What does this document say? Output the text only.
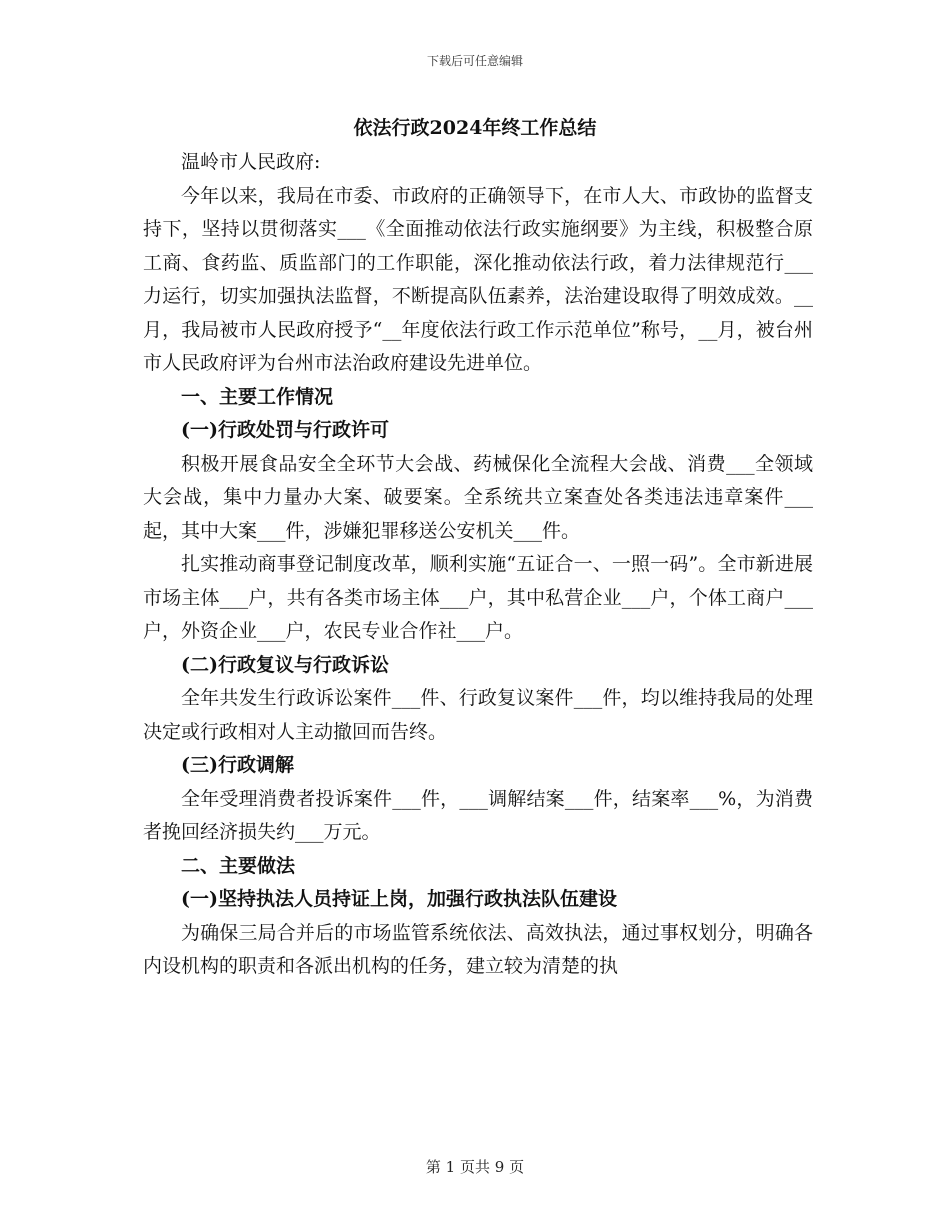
下载后可任意编辑
依法行政2024年终工作总结

温岭市人民政府:

今年以来，我局在市委、市政府的正确领导下，在市人大、市政协的监督支持下，坚持以贯彻落实___《全面推动依法行政实施纲要》为主线，积极整合原工商、食药监、质监部门的工作职能，深化推动依法行政，着力法律规范行___力运行，切实加强执法监督，不断提高队伍素养，法治建设取得了明效成效。__月，我局被市人民政府授予“__年度依法行政工作示范单位”称号，__月，被台州市人民政府评为台州市法治政府建设先进单位。

一、主要工作情况

(一)行政处罚与行政许可

积极开展食品安全全环节大会战、药械保化全流程大会战、消费___全领域大会战，集中力量办大案、破要案。全系统共立案查处各类违法违章案件___起，其中大案___件，涉嫌犯罪移送公安机关___件。

扎实推动商事登记制度改革，顺利实施“五证合一、一照一码”。全市新进展市场主体___户，共有各类市场主体___户，其中私营企业___户，个体工商户___户，外资企业___户，农民专业合作社___户。

(二)行政复议与行政诉讼

全年共发生行政诉讼案件___件、行政复议案件___件，均以维持我局的处理决定或行政相对人主动撤回而告终。

(三)行政调解

全年受理消费者投诉案件___件，___调解结案___件，结案率___%，为消费者挽回经济损失约___万元。

二、主要做法

(一)坚持执法人员持证上岗，加强行政执法队伍建设

为确保三局合并后的市场监管系统依法、高效执法，通过事权划分，明确各内设机构的职责和各派出机构的任务，建立较为清楚的执

第 1 页共 9 页
